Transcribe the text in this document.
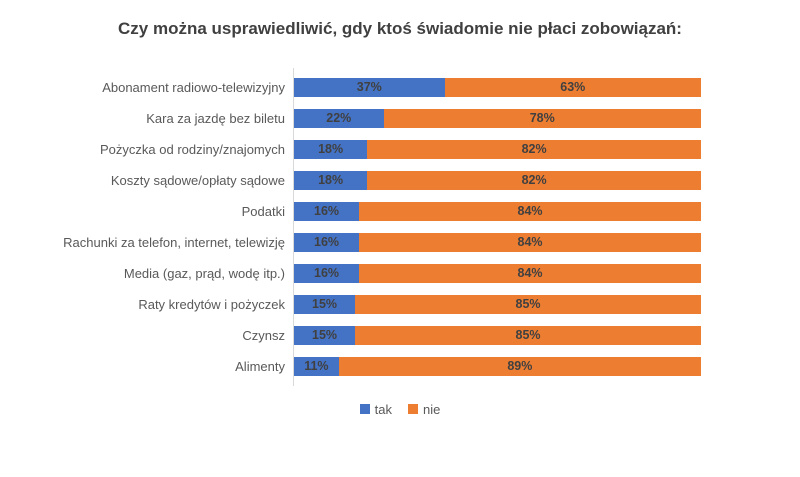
Czy można usprawiedliwić, gdy ktoś świadomie nie płaci zobowiązań:
Abonament radiowo-telewizyjny	37%	63%
Kara za jazdę bez biletu	22%	78%
Pożyczka od rodziny/znajomych	18%	82%
Koszty sądowe/opłaty sądowe	18%	82%
Podatki	16%	84%
Rachunki za telefon, internet, telewizję	16%	84%
Media (gaz, prąd, wodę itp.)	16%	84%
Raty kredytów i pożyczek	15%	85%
Czynsz	15%	85%
Alimenty	11%	89%
tak nie
